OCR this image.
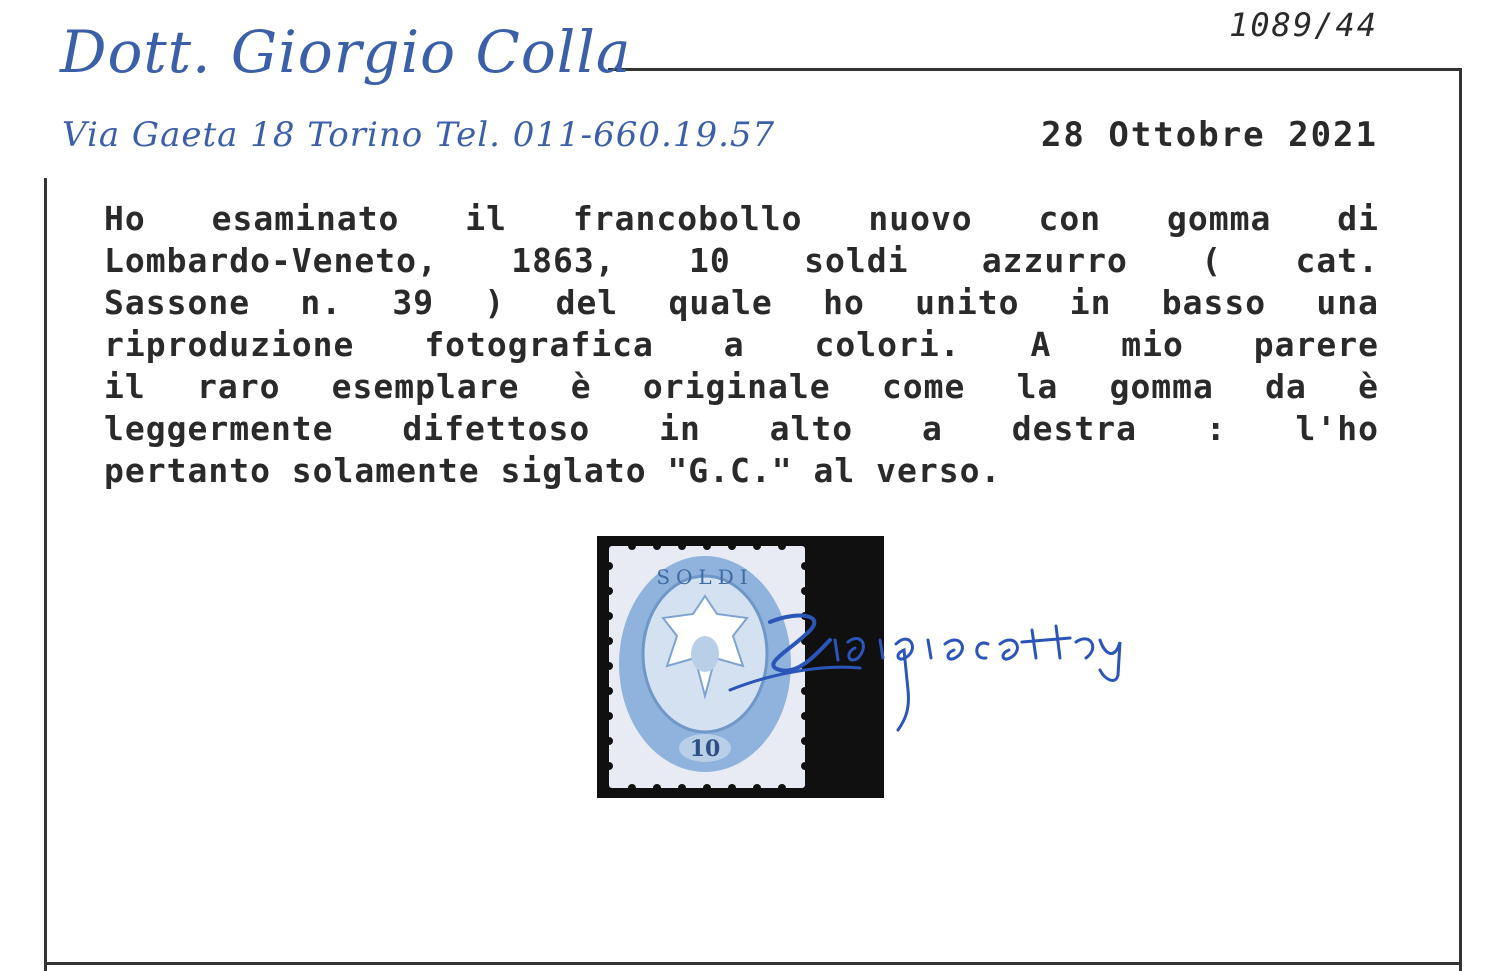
Dott. Giorgio Colla
Via Gaeta 18 Torino Tel. 011-660.19.57
1089/44
28 Ottobre 2021
Ho esaminato il francobollo nuovo con gomma di
Lombardo-Veneto, 1863, 10 soldi azzurro ( cat.
Sassone n. 39 ) del quale ho unito in basso una
riproduzione fotografica a colori. A mio parere
il raro esemplare è originale come la gomma da è
leggermente difettoso in alto a destra : l'ho
pertanto solamente siglato "G.C." al verso.
SOLDI
10
